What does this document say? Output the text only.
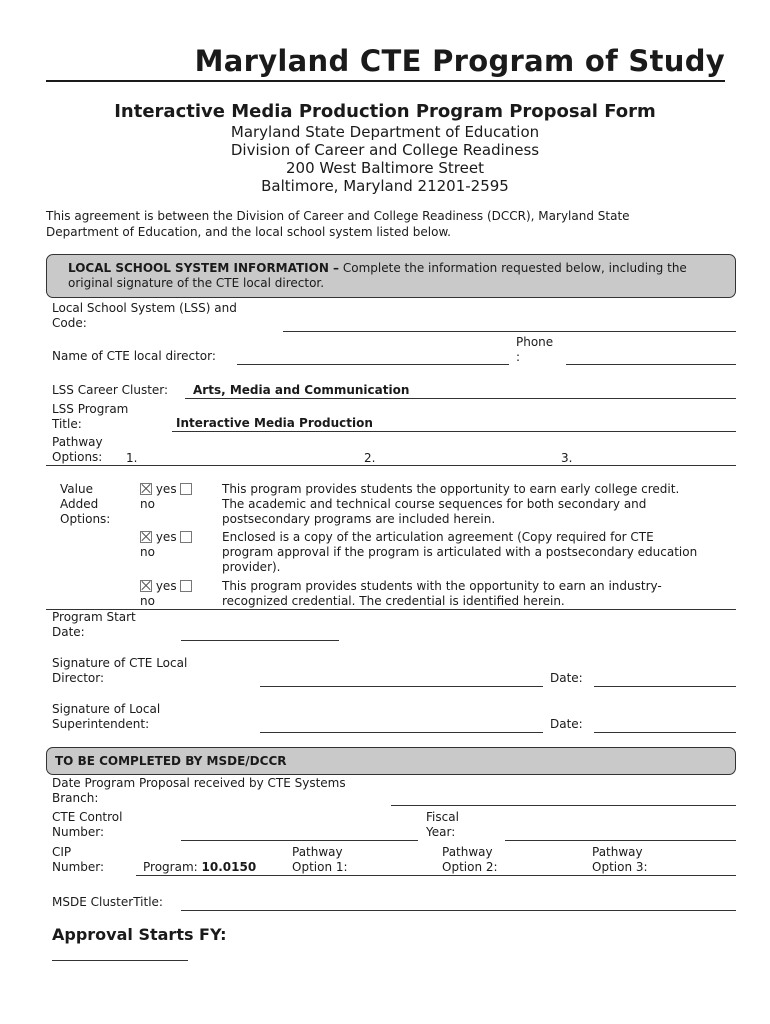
Maryland CTE Program of Study
Interactive Media Production Program Proposal Form
Maryland State Department of Education
Division of Career and College Readiness
200 West Baltimore Street
Baltimore, Maryland 21201-2595
This agreement is between the Division of Career and College Readiness (DCCR), Maryland State
Department of Education, and the local school system listed below.
LOCAL SCHOOL SYSTEM INFORMATION – Complete the information requested below, including the
original signature of the CTE local director.
Local School System (LSS) and
Code:
Name of CTE local director:
Phone
:
LSS Career Cluster: Arts, Media and Communication
LSS Program
Title:	Interactive Media Production
Pathway
Options: 1.	2.	3.
Value
Added
Options:
yes
no
This program provides students the opportunity to earn early college credit.
The academic and technical course sequences for both secondary and
postsecondary programs are included herein.
yes
no
Enclosed is a copy of the articulation agreement (Copy required for CTE
program approval if the program is articulated with a postsecondary education
provider).
yes
no
This program provides students with the opportunity to earn an industry-
recognized credential. The credential is identified herein.
Program Start
Date:
Signature of CTE Local
Director:	Date:
Signature of Local
Superintendent:	Date:
TO BE COMPLETED BY MSDE/DCCR
Date Program Proposal received by CTE Systems
Branch:
CTE Control
Number:
Fiscal
Year:
CIP
Number:	Program: 10.0150
Pathway
Option 1:
Pathway
Option 2:
Pathway
Option 3:
MSDE ClusterTitle:
Approval Starts FY:
